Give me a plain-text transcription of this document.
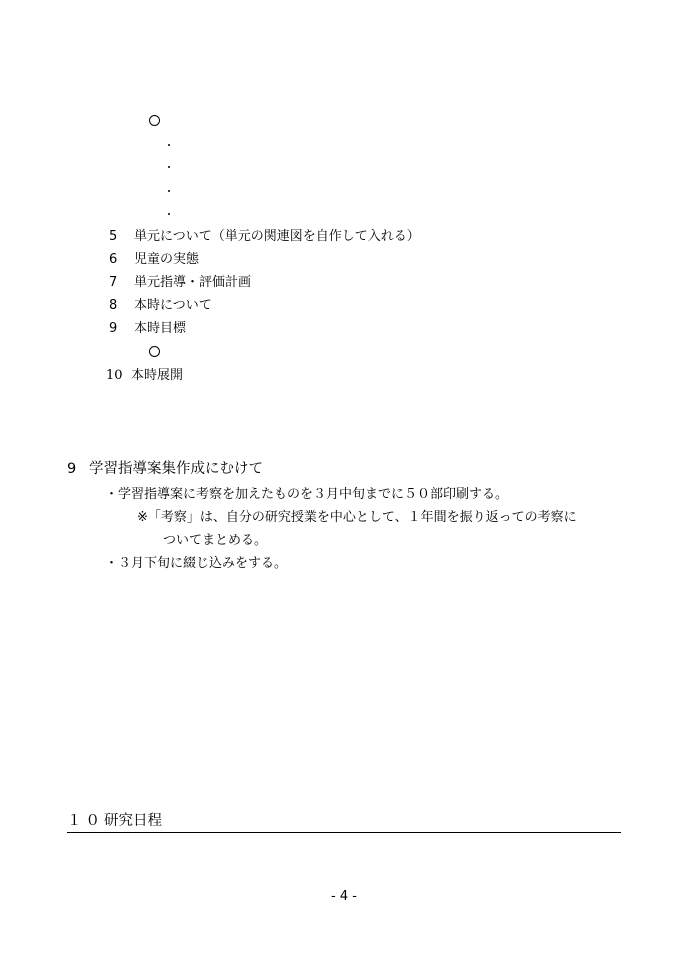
5 単元について（単元の関連図を自作して入れる）
6 児童の実態
7 単元指導・評価計画
8 本時について
9 本時目標
10 本時展開
9 学習指導案集作成にむけて
・学習指導案に考察を加えたものを３月中旬までに５０部印刷する。
※「考察」は、自分の研究授業を中心として、１年間を振り返っての考察に
ついてまとめる。
・３月下旬に綴じ込みをする。
１０ 研究日程
- 4 -
